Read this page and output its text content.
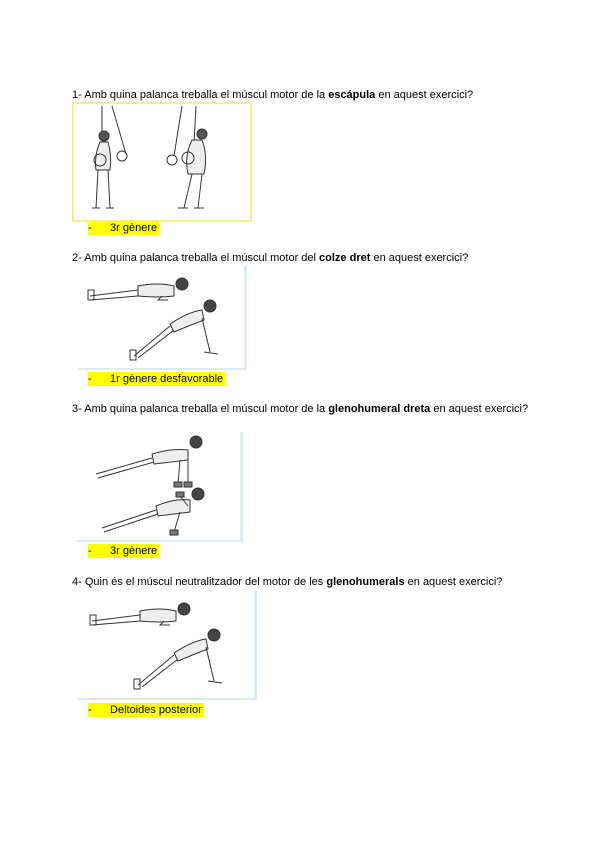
1- Amb quina palanca treballa el múscul motor de la escápula en aquest exercici?
- 3r gènere
2- Amb quina palanca treballa el múscul motor del colze dret en aquest exercici?
- 1r gènere desfavorable
3- Amb quina palanca treballa el múscul motor de la glenohumeral dreta en aquest exercici?
- 3r gènere
4- Quin és el múscul neutralitzador del motor de les glenohumerals en aquest exercici?
- Deltoides posterior
